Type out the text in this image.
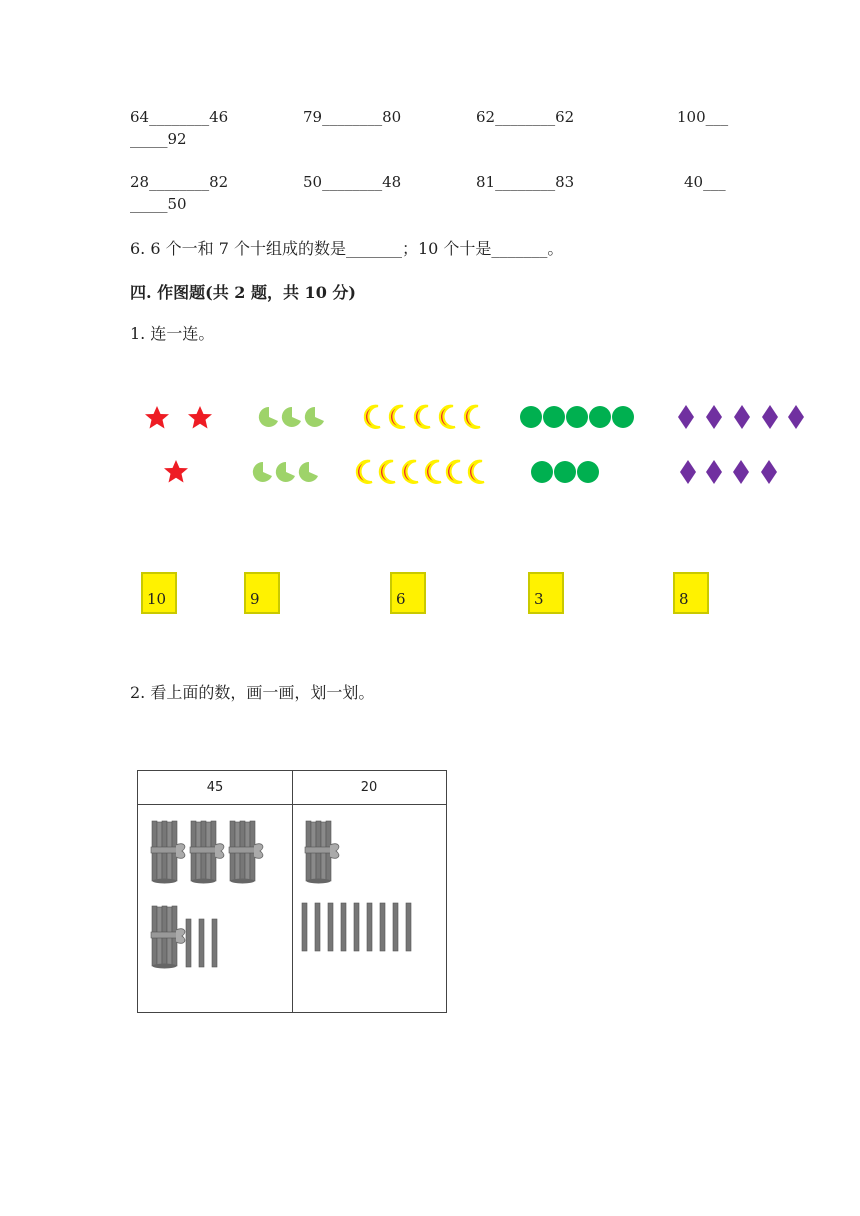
64________46	79________80	62________62	100___
_____92
28________82	50________48	81________83	40___
_____50
6. 6 个一和 7 个十组成的数是_______；10 个十是_______。
四. 作图题(共 2 题，共 10 分)
1. 连一连。
10	9	6	3	8
2. 看上面的数，画一画，划一划。
45	20
